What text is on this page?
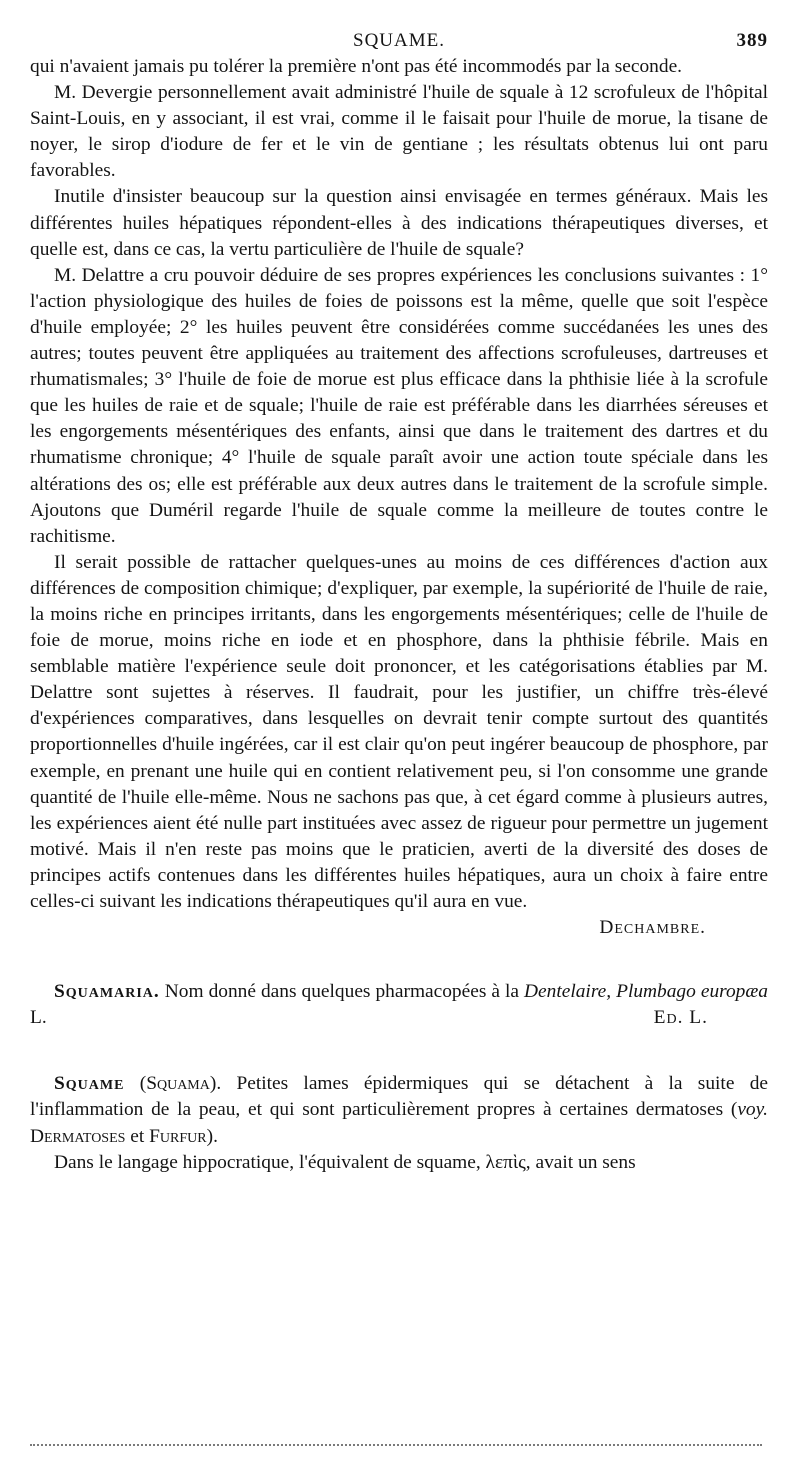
SQUAME.	389

qui n'avaient jamais pu tolérer la première n'ont pas été incommodés par la seconde.

M. Devergie personnellement avait administré l'huile de squale à 12 scrofuleux de l'hôpital Saint-Louis, en y associant, il est vrai, comme il le faisait pour l'huile de morue, la tisane de noyer, le sirop d'iodure de fer et le vin de gentiane ; les résultats obtenus lui ont paru favorables.

Inutile d'insister beaucoup sur la question ainsi envisagée en termes généraux. Mais les différentes huiles hépatiques répondent-elles à des indications thérapeutiques diverses, et quelle est, dans ce cas, la vertu particulière de l'huile de squale?

M. Delattre a cru pouvoir déduire de ses propres expériences les conclusions suivantes : 1° l'action physiologique des huiles de foies de poissons est la même, quelle que soit l'espèce d'huile employée; 2° les huiles peuvent être considérées comme succédanées les unes des autres; toutes peuvent être appliquées au traitement des affections scrofuleuses, dartreuses et rhumatismales; 3° l'huile de foie de morue est plus efficace dans la phthisie liée à la scrofule que les huiles de raie et de squale; l'huile de raie est préférable dans les diarrhées séreuses et les engorgements mésentériques des enfants, ainsi que dans le traitement des dartres et du rhumatisme chronique; 4° l'huile de squale paraît avoir une action toute spéciale dans les altérations des os; elle est préférable aux deux autres dans le traitement de la scrofule simple. Ajoutons que Duméril regarde l'huile de squale comme la meilleure de toutes contre le rachitisme.

Il serait possible de rattacher quelques-unes au moins de ces différences d'action aux différences de composition chimique; d'expliquer, par exemple, la supériorité de l'huile de raie, la moins riche en principes irritants, dans les engorgements mésentériques; celle de l'huile de foie de morue, moins riche en iode et en phosphore, dans la phthisie fébrile. Mais en semblable matière l'expérience seule doit prononcer, et les catégorisations établies par M. Delattre sont sujettes à réserves. Il faudrait, pour les justifier, un chiffre très-élevé d'expériences comparatives, dans lesquelles on devrait tenir compte surtout des quantités proportionnelles d'huile ingérées, car il est clair qu'on peut ingérer beaucoup de phosphore, par exemple, en prenant une huile qui en contient relativement peu, si l'on consomme une grande quantité de l'huile elle-même. Nous ne sachons pas que, à cet égard comme à plusieurs autres, les expériences aient été nulle part instituées avec assez de rigueur pour permettre un jugement motivé. Mais il n'en reste pas moins que le praticien, averti de la diversité des doses de principes actifs contenues dans les différentes huiles hépatiques, aura un choix à faire entre celles-ci suivant les indications thérapeutiques qu'il aura en vue.

Dechambre.

Squamaria. Nom donné dans quelques pharmacopées à la Dentelaire, Plumbago europæa L.	Ed. L.

Squame (Squama). Petites lames épidermiques qui se détachent à la suite de l'inflammation de la peau, et qui sont particulièrement propres à certaines dermatoses (voy. Dermatoses et Furfur).

Dans le langage hippocratique, l'équivalent de squame, λεπὶς, avait un sens
